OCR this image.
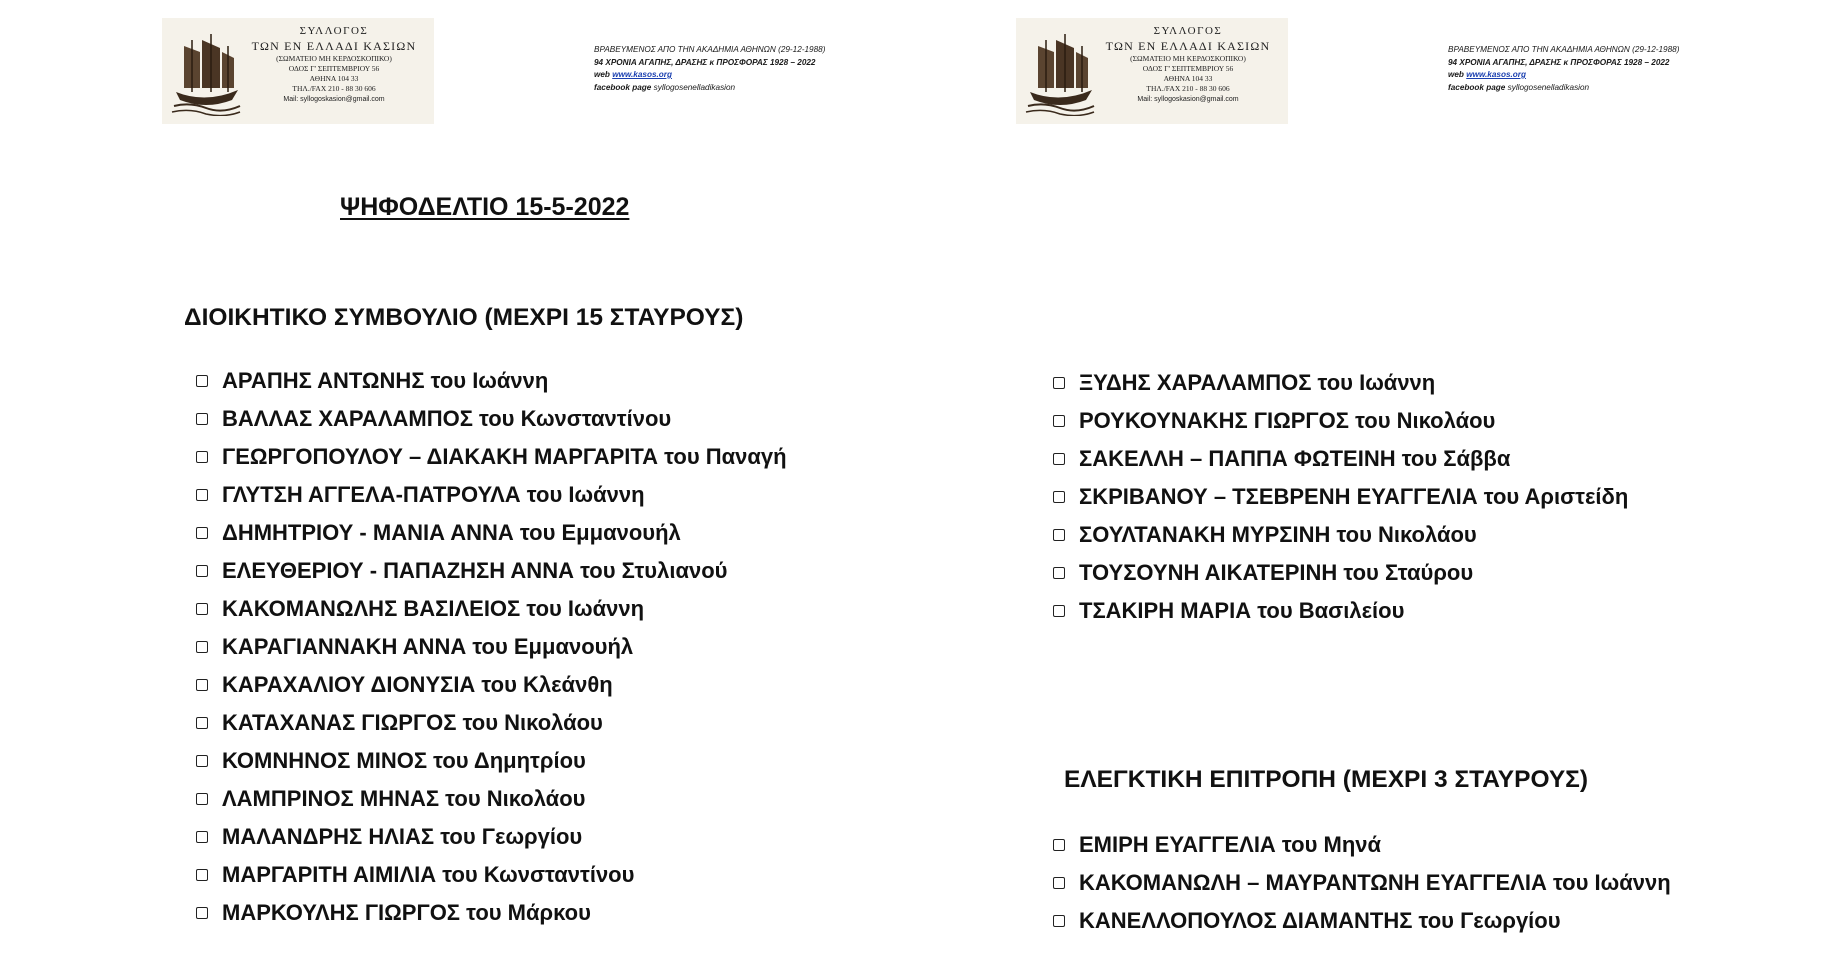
ΣΥΛΛΟΓΟΣ
ΤΩΝ ΕΝ ΕΛΛΑΔΙ ΚΑΣΙΩΝ
(ΣΩΜΑΤΕΙΟ ΜΗ ΚΕΡΔΟΣΚΟΠΙΚΟ)
ΟΔΟΣ Γ' ΣΕΠΤΕΜΒΡΙΟΥ 56
ΑΘΗΝΑ 104 33
ΤΗΛ./FAX 210 - 88 30 606
Mail: syllogoskasion@gmail.com
ΒΡΑΒΕΥΜΕΝΟΣ ΑΠΟ ΤΗΝ ΑΚΑΔΗΜΙΑ ΑΘΗΝΩΝ (29-12-1988)
94 ΧΡΟΝΙΑ ΑΓΑΠΗΣ, ΔΡΑΣΗΣ κ ΠΡΟΣΦΟΡΑΣ 1928 – 2022
web www.kasos.org
facebook page syllogosenelladikasion
ΣΥΛΛΟΓΟΣ
ΤΩΝ ΕΝ ΕΛΛΑΔΙ ΚΑΣΙΩΝ
(ΣΩΜΑΤΕΙΟ ΜΗ ΚΕΡΔΟΣΚΟΠΙΚΟ)
ΟΔΟΣ Γ' ΣΕΠΤΕΜΒΡΙΟΥ 56
ΑΘΗΝΑ 104 33
ΤΗΛ./FAX 210 - 88 30 606
Mail: syllogoskasion@gmail.com
ΒΡΑΒΕΥΜΕΝΟΣ ΑΠΟ ΤΗΝ ΑΚΑΔΗΜΙΑ ΑΘΗΝΩΝ (29-12-1988)
94 ΧΡΟΝΙΑ ΑΓΑΠΗΣ, ΔΡΑΣΗΣ κ ΠΡΟΣΦΟΡΑΣ 1928 – 2022
web www.kasos.org
facebook page syllogosenelladikasion
ΨΗΦΟΔΕΛΤΙΟ 15-5-2022
ΔΙΟΙΚΗΤΙΚΟ ΣΥΜΒΟΥΛΙΟ (ΜΕΧΡΙ 15 ΣΤΑΥΡΟΥΣ)
ΑΡΑΠΗΣ ΑΝΤΩΝΗΣ του Ιωάννη
ΒΑΛΛΑΣ ΧΑΡΑΛΑΜΠΟΣ του Κωνσταντίνου
ΓΕΩΡΓΟΠΟΥΛΟΥ – ΔΙΑΚΑΚΗ ΜΑΡΓΑΡΙΤΑ του Παναγή
ΓΛΥΤΣΗ ΑΓΓΕΛΑ-ΠΑΤΡΟΥΛΑ του Ιωάννη
ΔΗΜΗΤΡΙΟΥ - ΜΑΝΙΑ ΑΝΝΑ του Εμμανουήλ
ΕΛΕΥΘΕΡΙΟΥ - ΠΑΠΑΖΗΣΗ ΑΝΝΑ του Στυλιανού
ΚΑΚΟΜΑΝΩΛΗΣ ΒΑΣΙΛΕΙΟΣ του Ιωάννη
ΚΑΡΑΓΙΑΝΝΑΚΗ ΑΝΝΑ του Εμμανουήλ
ΚΑΡΑΧΑΛΙΟΥ ΔΙΟΝΥΣΙΑ του Κλεάνθη
ΚΑΤΑΧΑΝΑΣ ΓΙΩΡΓΟΣ του Νικολάου
ΚΟΜΝΗΝΟΣ ΜΙΝΟΣ του Δημητρίου
ΛΑΜΠΡΙΝΟΣ ΜΗΝΑΣ του Νικολάου
ΜΑΛΑΝΔΡΗΣ ΗΛΙΑΣ του Γεωργίου
ΜΑΡΓΑΡΙΤΗ ΑΙΜΙΛΙΑ του Κωνσταντίνου
ΜΑΡΚΟΥΛΗΣ ΓΙΩΡΓΟΣ του Μάρκου
ΞΥΔΗΣ ΧΑΡΑΛΑΜΠΟΣ του Ιωάννη
ΡΟΥΚΟΥΝΑΚΗΣ ΓΙΩΡΓΟΣ του Νικολάου
ΣΑΚΕΛΛΗ – ΠΑΠΠΑ ΦΩΤΕΙΝΗ του Σάββα
ΣΚΡΙΒΑΝΟΥ – ΤΣΕΒΡΕΝΗ ΕΥΑΓΓΕΛΙΑ του Αριστείδη
ΣΟΥΛΤΑΝΑΚΗ ΜΥΡΣΙΝΗ του Νικολάου
ΤΟΥΣΟΥΝΗ ΑΙΚΑΤΕΡΙΝΗ του Σταύρου
ΤΣΑΚΙΡΗ ΜΑΡΙΑ του Βασιλείου
ΕΛΕΓΚΤΙΚΗ ΕΠΙΤΡΟΠΗ (ΜΕΧΡΙ 3 ΣΤΑΥΡΟΥΣ)
ΕΜΙΡΗ ΕΥΑΓΓΕΛΙΑ του Μηνά
ΚΑΚΟΜΑΝΩΛΗ – ΜΑΥΡΑΝΤΩΝΗ ΕΥΑΓΓΕΛΙΑ του Ιωάννη
ΚΑΝΕΛΛΟΠΟΥΛΟΣ ΔΙΑΜΑΝΤΗΣ του Γεωργίου
